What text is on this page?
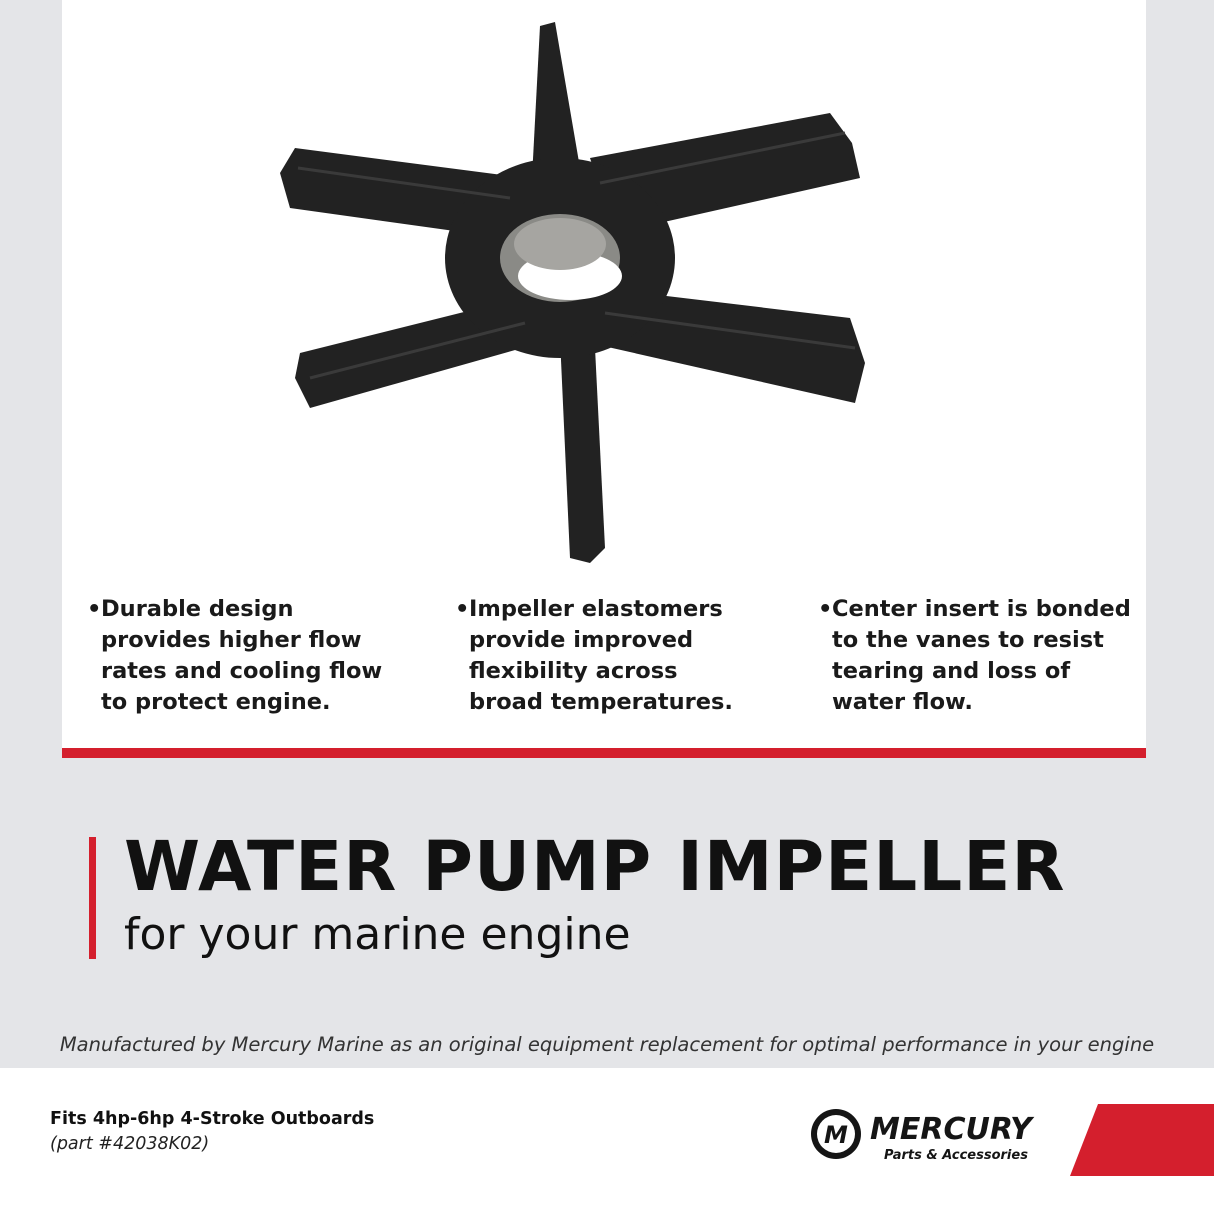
• Durable design provides higher flow rates and cooling flow to protect engine.
• Impeller elastomers provide improved flexibility across broad temperatures.
• Center insert is bonded to the vanes to resist tearing and loss of water flow.
WATER PUMP IMPELLER
for your marine engine
Manufactured by Mercury Marine as an original equipment replacement for optimal performance in your engine
Fits 4hp-6hp 4-Stroke Outboards
(part #42038K02)	M MERCURY
Parts & Accessories
